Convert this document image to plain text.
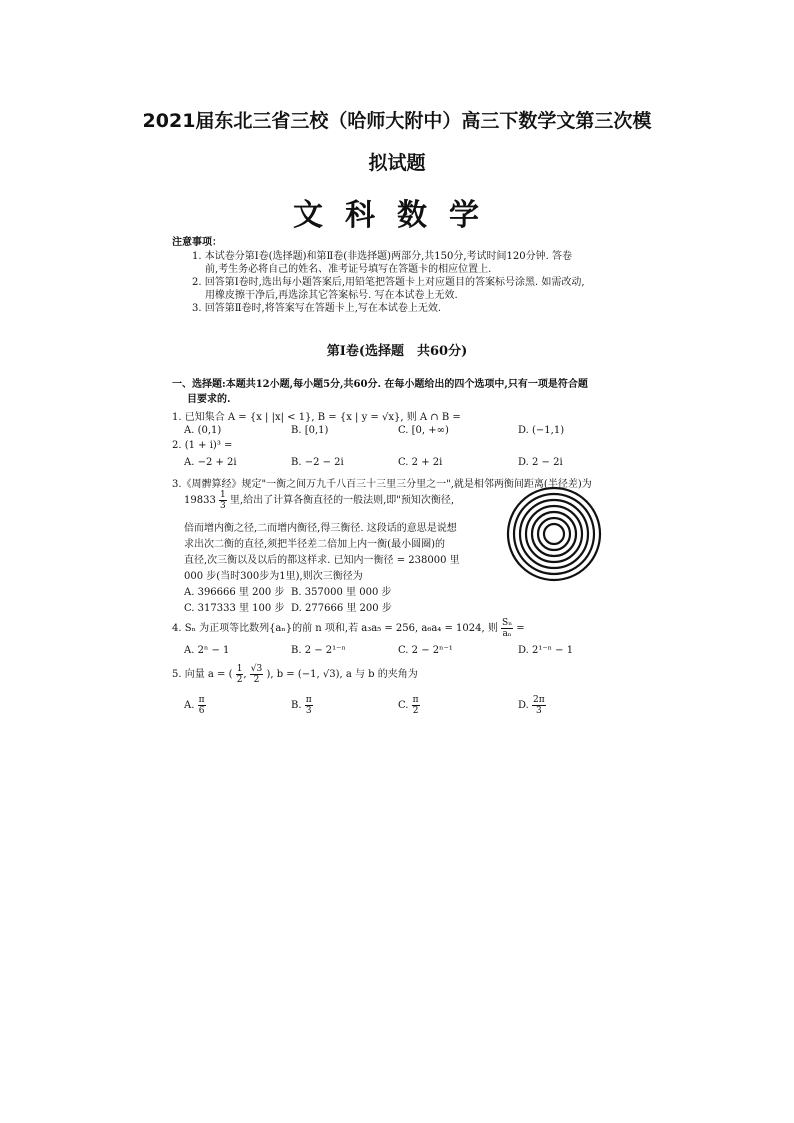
2021届东北三省三校（哈师大附中）高三下数学文第三次模
拟试题
文科数学
注意事项：
1. 本试卷分第Ⅰ卷(选择题)和第Ⅱ卷(非选择题)两部分,共150分,考试时间120分钟. 答卷
前,考生务必将自己的姓名、准考证号填写在答题卡的相应位置上.
2. 回答第Ⅰ卷时,选出每小题答案后,用铅笔把答题卡上对应题目的答案标号涂黑. 如需改动,
用橡皮擦干净后,再选涂其它答案标号. 写在本试卷上无效.
3. 回答第Ⅱ卷时,将答案写在答题卡上,写在本试卷上无效.
第Ⅰ卷(选择题　共60分)
一、选择题:本题共12小题,每小题5分,共60分. 在每小题给出的四个选项中,只有一项是符合题
目要求的.
1. 已知集合 A = {x | |x| < 1}, B = {x | y = √x}, 则 A ∩ B =
A. (0,1)	B. [0,1)	C. [0, +∞)	D. (−1,1)
2. (1 + i)³ =
A. −2 + 2i	B. −2 − 2i	C. 2 + 2i	D. 2 − 2i
3.《周髀算经》规定"一衡之间万九千八百三十三里三分里之一",就是相邻两衡间距离(半径差)为
$19833 \frac{1}{3}$ 里,给出了计算各衡直径的一般法则,即"预知次衡径,
倍而增内衡之径,二而增内衡径,得三衡径. 这段话的意思是说想
求出次二衡的直径,须把半径差二倍加上内一衡(最小圆圈)的
直径,次三衡以及以后的都这样求. 已知内一衡径 = 238000 里
000 步(当时300步为1里),则次三衡径为
A. 396666 里 200 步 B. 357000 里 000 步
C. 317333 里 100 步 D. 277666 里 200 步
4. Sₙ 为正项等比数列{aₙ}的前 n 项和,若 a₃a₅ = 256, a₆a₄ = 1024, 则 $\frac{\text{Sₙ}}{\text{aₙ}}$ =
A. 2ⁿ − 1	B. 2 − 2¹⁻ⁿ	C. 2 − 2ⁿ⁻¹	D. 2¹⁻ⁿ − 1
5. 向量 a = ( $\frac{1}{2}$ , $\frac{√3}{2}$ ), b = (−1, √3), a 与 b 的夹角为
A. $\frac{\pi}{6}$	B. $\frac{\pi}{3}$	C. $\frac{\pi}{2}$	D. $\frac{2\pi}{3}$
